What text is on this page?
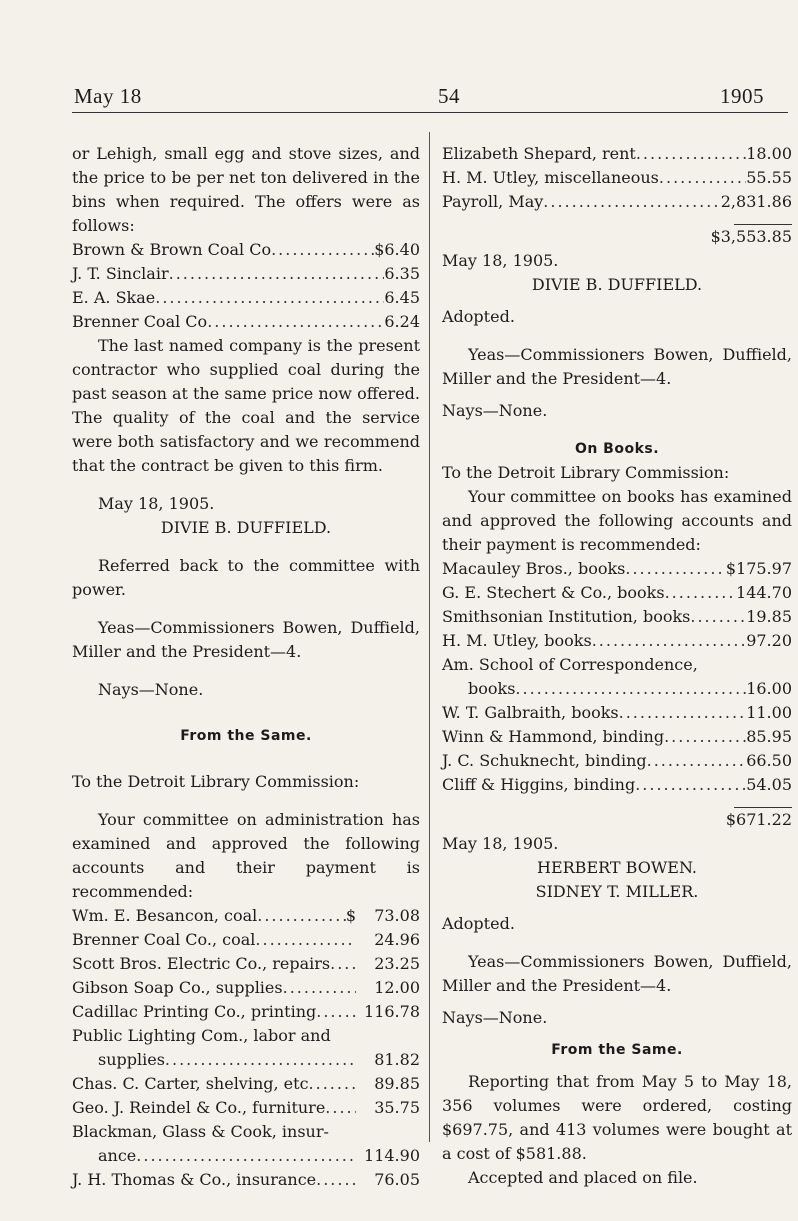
May 18	54	1905

or Lehigh, small egg and stove sizes, and the price to be per net ton delivered in the bins when required. The offers were as follows:

Brown & Brown Coal Co .....	$6.40
J. T. Sinclair .....	6.35
E. A. Skae .....	6.45
Brenner Coal Co .....	6.24

The last named company is the present contractor who supplied coal during the past season at the same price now offered. The quality of the coal and the service were both satisfactory and we recommend that the contract be given to this firm.

May 18, 1905.

DIVIE B. DUFFIELD.

Referred back to the committee with power.

Yeas—Commissioners Bowen, Duffield, Miller and the President—4.

Nays—None.

From the Same.

To the Detroit Library Commission:

Your committee on administration has examined and approved the following accounts and their payment is recommended:

Wm. E. Besancon, coal .....	$	73.08
Brenner Coal Co., coal .....	24.96
Scott Bros. Electric Co., repairs .....	23.25
Gibson Soap Co., supplies .....	12.00
Cadillac Printing Co., printing .....	116.78

Public Lighting Com., labor and

supplies .....	81.82
Chas. C. Carter, shelving, etc .....	89.85
Geo. J. Reindel & Co., furniture .....	35.75

Blackman, Glass & Cook, insur-

ance .....	114.90
J. H. Thomas & Co., insurance .....	76.05
Elizabeth Shepard, rent .....	18.00
H. M. Utley, miscellaneous .....	55.55
Payroll, May .....	2,831.86

$3,553.85

May 18, 1905.

DIVIE B. DUFFIELD.

Adopted.

Yeas—Commissioners Bowen, Duffield, Miller and the President—4.

Nays—None.

On Books.

To the Detroit Library Commission:

Your committee on books has examined and approved the following accounts and their payment is recommended:

Macauley Bros., books .....	$175.97
G. E. Stechert & Co., books .....	144.70
Smithsonian Institution, books .....	19.85
H. M. Utley, books .....	97.20

Am. School of Correspondence,

books .....	16.00
W. T. Galbraith, books .....	11.00
Winn & Hammond, binding .....	85.95
J. C. Schuknecht, binding .....	66.50
Cliff & Higgins, binding .....	54.05

$671.22

May 18, 1905.

HERBERT BOWEN.

SIDNEY T. MILLER.

Adopted.

Yeas—Commissioners Bowen, Duffield, Miller and the President—4.

Nays—None.

From the Same.

Reporting that from May 5 to May 18, 356 volumes were ordered, costing $697.75, and 413 volumes were bought at a cost of $581.88.

Accepted and placed on file.
